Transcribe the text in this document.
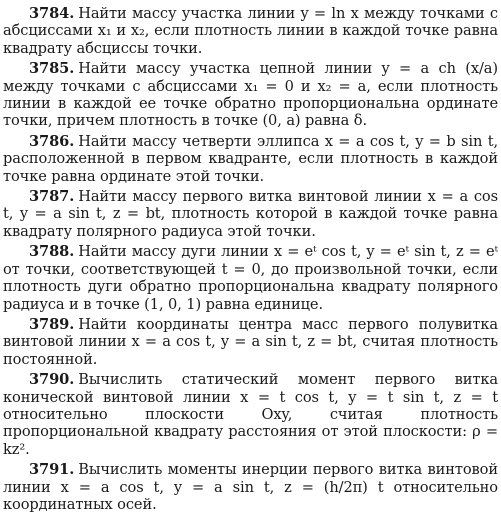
3784. Найти массу участка линии y = ln x между точками с абсциссами x₁ и x₂, если плотность линии в каждой точке равна квадрату абсциссы точки.

3785. Найти массу участка цепной линии y = a ch (x/a) между точками с абсциссами x₁ = 0 и x₂ = a, если плотность линии в каждой ее точке обратно пропорциональна ординате точки, причем плотность в точке (0, a) равна δ.

3786. Найти массу четверти эллипса x = a cos t, y = b sin t, расположенной в первом квадранте, если плотность в каждой точке равна ординате этой точки.

3787. Найти массу первого витка винтовой линии x = a cos t, y = a sin t, z = bt, плотность которой в каждой точке равна квадрату полярного радиуса этой точки.

3788. Найти массу дуги линии x = eᵗ cos t, y = eᵗ sin t, z = eᵗ от точки, соответствующей t = 0, до произвольной точки, если плотность дуги обратно пропорциональна квадрату полярного радиуса и в точке (1, 0, 1) равна единице.

3789. Найти координаты центра масс первого полувитка винтовой линии x = a cos t, y = a sin t, z = bt, считая плотность постоянной.

3790. Вычислить статический момент первого витка конической винтовой линии x = t cos t, y = t sin t, z = t относительно плоскости Oxy, считая плотность пропорциональной квадрату расстояния от этой плоскости: ρ = kz².

3791. Вычислить моменты инерции первого витка винтовой линии x = a cos t, y = a sin t, z = (h/2π) t относительно координатных осей.
